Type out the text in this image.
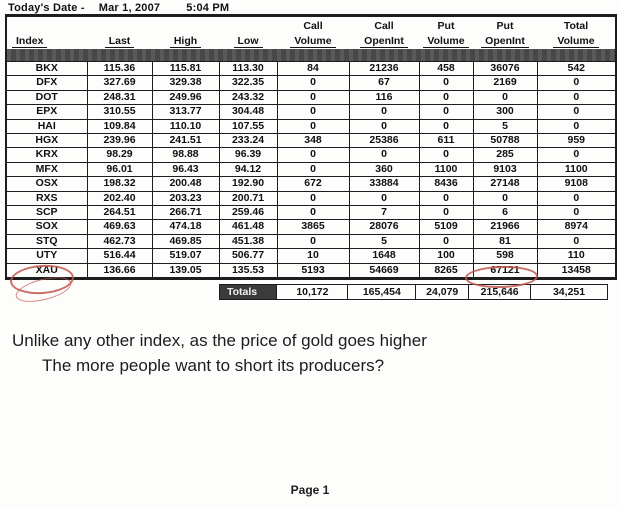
Today's Date - Mar 1, 2007 5:04 PM
				Call	Call	Put	Put	Total
Index	Last	High	Low	Volume	OpenInt	Volume	OpenInt	Volume

BKX	115.36	115.81	113.30	84	21236	458	36076	542
DFX	327.69	329.38	322.35	0	67	0	2169	0
DOT	248.31	249.96	243.32	0	116	0	0	0
EPX	310.55	313.77	304.48	0	0	0	300	0
HAI	109.84	110.10	107.55	0	0	0	5	0
HGX	239.96	241.51	233.24	348	25386	611	50788	959
KRX	98.29	98.88	96.39	0	0	0	285	0
MFX	96.01	96.43	94.12	0	360	1100	9103	1100
OSX	198.32	200.48	192.90	672	33884	8436	27148	9108
RXS	202.40	203.23	200.71	0	0	0	0	0
SCP	264.51	266.71	259.46	0	7	0	6	0
SOX	469.63	474.18	461.48	3865	28076	5109	21966	8974
STQ	462.73	469.85	451.38	0	5	0	81	0
UTY	516.44	519.07	506.77	10	1648	100	598	110
XAU	136.66	139.05	135.53	5193	54669	8265	67121	13458
Totals	10,172	165,454	24,079	215,646	34,251
Unlike any other index, as the price of gold goes higher
The more people want to short its producers?
Page 1
